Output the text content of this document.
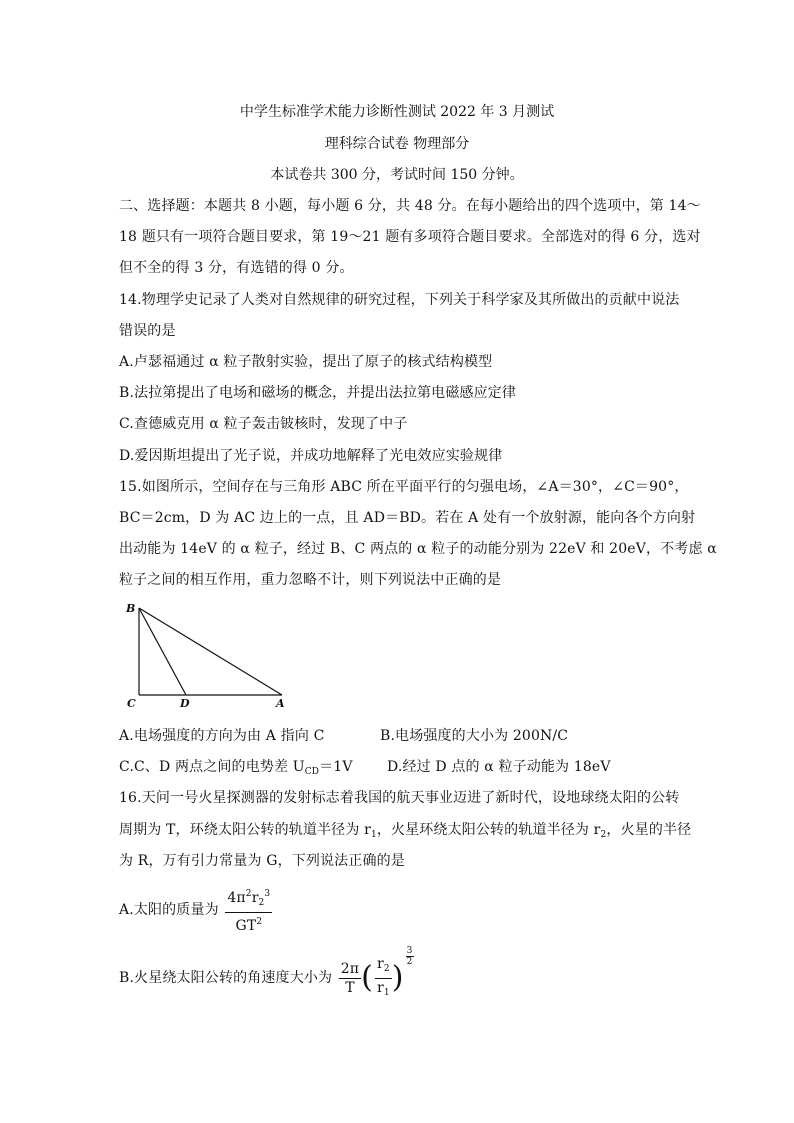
中学生标准学术能力诊断性测试 2022 年 3 月测试
理科综合试卷 物理部分
本试卷共 300 分，考试时间 150 分钟。
二、选择题：本题共 8 小题，每小题 6 分，共 48 分。在每小题给出的四个选项中，第 14～
18 题只有一项符合题目要求，第 19～21 题有多项符合题目要求。全部选对的得 6 分，选对
但不全的得 3 分，有选错的得 0 分。
14.物理学史记录了人类对自然规律的研究过程，下列关于科学家及其所做出的贡献中说法
错误的是
A.卢瑟福通过 α 粒子散射实验，提出了原子的核式结构模型
B.法拉第提出了电场和磁场的概念，并提出法拉第电磁感应定律
C.查德威克用 α 粒子轰击铍核时，发现了中子
D.爱因斯坦提出了光子说，并成功地解释了光电效应实验规律
15.如图所示，空间存在与三角形 ABC 所在平面平行的匀强电场，∠A＝30°，∠C＝90°，
BC＝2cm，D 为 AC 边上的一点，且 AD＝BD。若在 A 处有一个放射源，能向各个方向射
出动能为 14eV 的 α 粒子，经过 B、C 两点的 α 粒子的动能分别为 22eV 和 20eV，不考虑 α
粒子之间的相互作用，重力忽略不计，则下列说法中正确的是
B
C	D	A
A.电场强度的方向为由 A 指向 C	B.电场强度的大小为 200N/C
C.C、D 两点之间的电势差 $U_{CD}=1V$ D.经过 D 点的 α 粒子动能为 18eV
16.天问一号火星探测器的发射标志着我国的航天事业迈进了新时代，设地球绕太阳的公转
周期为 T，环绕太阳公转的轨道半径为 $r_1$，火星环绕太阳公转的轨道半径为 $r_2$，火星的半径
为 R，万有引力常量为 G，下列说法正确的是
A.太阳的质量为 $\frac{4\pi^2r_2^3}{GT^2}$
B.火星绕太阳公转的角速度大小为 $\frac{2\pi}{T}$ ( $\frac{r_2}{r_1}$ )
$\frac{3}{2}$
